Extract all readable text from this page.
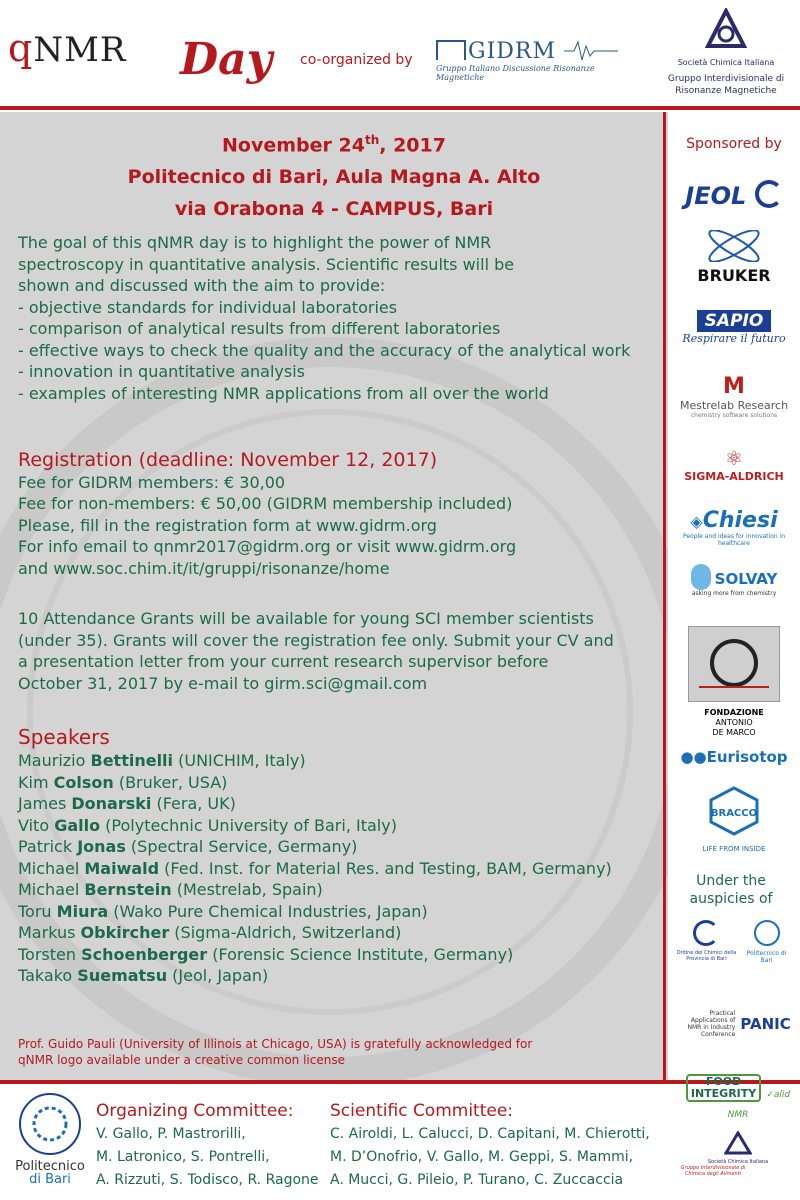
qNMR Day co-organized by	GIDRM
Gruppo Italiano Discussione Risonanze Magnetiche
Società Chimica Italiana
Gruppo Interdivisionale di Risonanze Magnetiche
November 24th, 2017
Politecnico di Bari, Aula Magna A. Alto
via Orabona 4 - CAMPUS, Bari
The goal of this qNMR day is to highlight the power of NMR
spectroscopy in quantitative analysis. Scientific results will be
shown and discussed with the aim to provide:
- objective standards for individual laboratories
- comparison of analytical results from different laboratories
- effective ways to check the quality and the accuracy of the analytical work
- innovation in quantitative analysis
- examples of interesting NMR applications from all over the world
Registration (deadline: November 12, 2017)
Fee for GIDRM members: € 30,00
Fee for non-members: € 50,00 (GIDRM membership included)
Please, fill in the registration form at www.gidrm.org
For info email to qnmr2017@gidrm.org or visit www.gidrm.org
and www.soc.chim.it/it/gruppi/risonanze/home
10 Attendance Grants will be available for young SCI member scientists
(under 35). Grants will cover the registration fee only. Submit your CV and
a presentation letter from your current research supervisor before
October 31, 2017 by e-mail to girm.sci@gmail.com
Speakers
Maurizio Bettinelli (UNICHIM, Italy)
Kim Colson (Bruker, USA)
James Donarski (Fera, UK)
Vito Gallo (Polytechnic University of Bari, Italy)
Patrick Jonas (Spectral Service, Germany)
Michael Maiwald (Fed. Inst. for Material Res. and Testing, BAM, Germany)
Michael Bernstein (Mestrelab, Spain)
Toru Miura (Wako Pure Chemical Industries, Japan)
Markus Obkircher (Sigma-Aldrich, Switzerland)
Torsten Schoenberger (Forensic Science Institute, Germany)
Takako Suematsu (Jeol, Japan)
Prof. Guido Pauli (University of Illinois at Chicago, USA) is gratefully acknowledged for
qNMR logo available under a creative common license
Sponsored by
JEOL
BRUKER
SAPIO
Respirare il futuro
M
Mestrelab Research
chemistry software solutions
⚛
SIGMA-ALDRICH
◈Chiesi
People and ideas for innovation in healthcare
SOLVAY
asking more from chemistry
FONDAZIONE
ANTONIO
DE MARCO
●●Eurisotop
BRACCO
LIFE FROM INSIDE
Under the auspicies of
Ordine dei Chimici della Provincia di Bari

Politecnico di Bari
Practical Applications of NMR in Industry Conference PANIC
Politecnico
di Bari
Organizing Committee:
V. Gallo, P. Mastrorilli,
M. Latronico, S. Pontrelli,
A. Rizzuti, S. Todisco, R. Ragone
Scientific Committee:
C. Airoldi, L. Calucci, D. Capitani, M. Chierotti,
M. D’Onofrio, V. Gallo, M. Geppi, S. Mammi,
A. Mucci, G. Pileio, P. Turano, C. Zuccaccia
FOOD
INTEGRITY ✓alid NMR
Società Chimica Italiana
Gruppo Interdivisionale di Chimica degli Alimenti
